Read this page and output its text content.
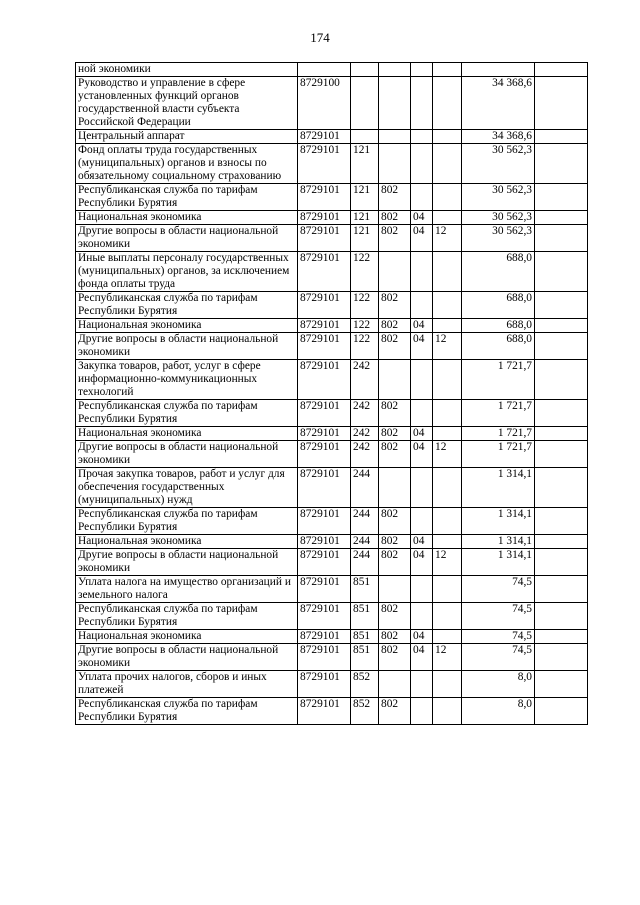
174
ной экономики							
Руководство и управление в сфере установленных функций органов государственной власти субъекта Российской Федерации	8729100					34 368,6	
Центральный аппарат	8729101					34 368,6	
Фонд оплаты труда государственных (муниципальных) органов и взносы по обязательному социальному страхованию	8729101	121				30 562,3	
Республиканская служба по тарифам Республики Бурятия	8729101	121	802			30 562,3	
Национальная экономика	8729101	121	802	04		30 562,3	
Другие вопросы в области национальной экономики	8729101	121	802	04	12	30 562,3	
Иные выплаты персоналу государственных (муниципальных) органов, за исключением фонда оплаты труда	8729101	122				688,0	
Республиканская служба по тарифам Республики Бурятия	8729101	122	802			688,0	
Национальная экономика	8729101	122	802	04		688,0	
Другие вопросы в области национальной экономики	8729101	122	802	04	12	688,0	
Закупка товаров, работ, услуг в сфере информационно-коммуникационных технологий	8729101	242				1 721,7	
Республиканская служба по тарифам Республики Бурятия	8729101	242	802			1 721,7	
Национальная экономика	8729101	242	802	04		1 721,7	
Другие вопросы в области национальной экономики	8729101	242	802	04	12	1 721,7	
Прочая закупка товаров, работ и услуг для обеспечения государственных (муниципальных) нужд	8729101	244				1 314,1	
Республиканская служба по тарифам Республики Бурятия	8729101	244	802			1 314,1	
Национальная экономика	8729101	244	802	04		1 314,1	
Другие вопросы в области национальной экономики	8729101	244	802	04	12	1 314,1	
Уплата налога на имущество организаций и земельного налога	8729101	851				74,5	
Республиканская служба по тарифам Республики Бурятия	8729101	851	802			74,5	
Национальная экономика	8729101	851	802	04		74,5	
Другие вопросы в области национальной экономики	8729101	851	802	04	12	74,5	
Уплата прочих налогов, сборов и иных платежей	8729101	852				8,0	
Республиканская служба по тарифам Республики Бурятия	8729101	852	802			8,0	
